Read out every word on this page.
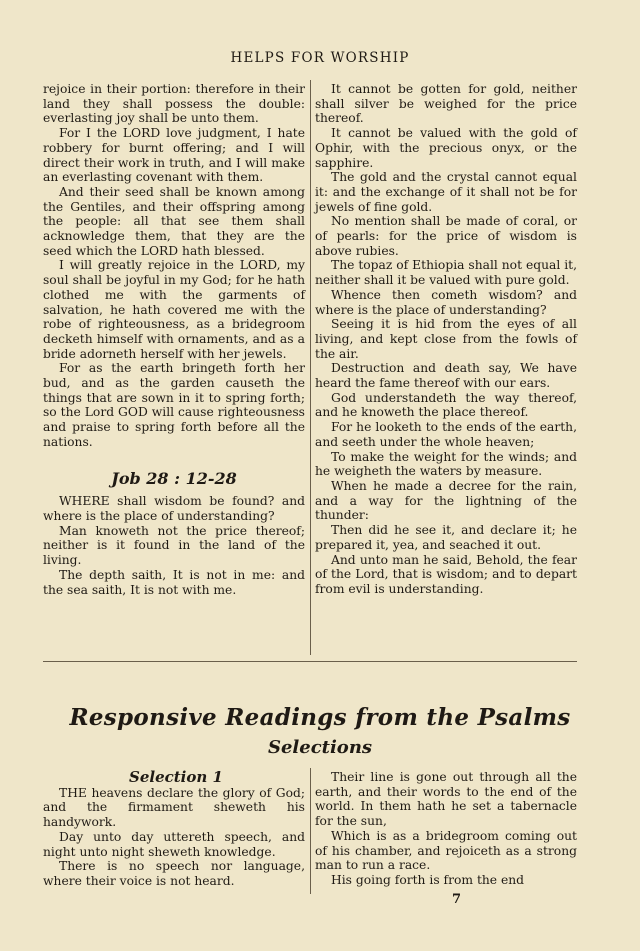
HELPS FOR WORSHIP

rejoice in their portion: therefore in their land they shall possess the double: everlasting joy shall be unto them.

For I the LORD love judgment, I hate robbery for burnt offering; and I will direct their work in truth, and I will make an everlasting covenant with them.

And their seed shall be known among the Gentiles, and their offspring among the people: all that see them shall acknowledge them, that they are the seed which the LORD hath blessed.

I will greatly rejoice in the LORD, my soul shall be joyful in my God; for he hath clothed me with the garments of salvation, he hath covered me with the robe of righteousness, as a bridegroom decketh himself with ornaments, and as a bride adorneth herself with her jewels.

For as the earth bringeth forth her bud, and as the garden causeth the things that are sown in it to spring forth; so the Lord GOD will cause righteousness and praise to spring forth before all the nations.

Job 28 : 12-28

WHERE shall wisdom be found? and where is the place of understanding?

Man knoweth not the price thereof; neither is it found in the land of the living.

The depth saith, It is not in me: and the sea saith, It is not with me.

It cannot be gotten for gold, neither shall silver be weighed for the price thereof.

It cannot be valued with the gold of Ophir, with the precious onyx, or the sapphire.

The gold and the crystal cannot equal it: and the exchange of it shall not be for jewels of fine gold.

No mention shall be made of coral, or of pearls: for the price of wisdom is above rubies.

The topaz of Ethiopia shall not equal it, neither shall it be valued with pure gold.

Whence then cometh wisdom? and where is the place of understanding?

Seeing it is hid from the eyes of all living, and kept close from the fowls of the air.

Destruction and death say, We have heard the fame thereof with our ears.

God understandeth the way thereof, and he knoweth the place thereof.

For he looketh to the ends of the earth, and seeth under the whole heaven;

To make the weight for the winds; and he weigheth the waters by measure.

When he made a decree for the rain, and a way for the lightning of the thunder:

Then did he see it, and declare it; he prepared it, yea, and seached it out.

And unto man he said, Behold, the fear of the Lord, that is wisdom; and to depart from evil is understanding.

Responsive Readings from the Psalms
Selections
Selection 1

THE heavens declare the glory of God; and the firmament sheweth his handywork.

Day unto day uttereth speech, and night unto night sheweth knowledge.

There is no speech nor language, where their voice is not heard.

Their line is gone out through all the earth, and their words to the end of the world. In them hath he set a tabernacle for the sun,

Which is as a bridegroom coming out of his chamber, and rejoiceth as a strong man to run a race.

His going forth is from the end

7
